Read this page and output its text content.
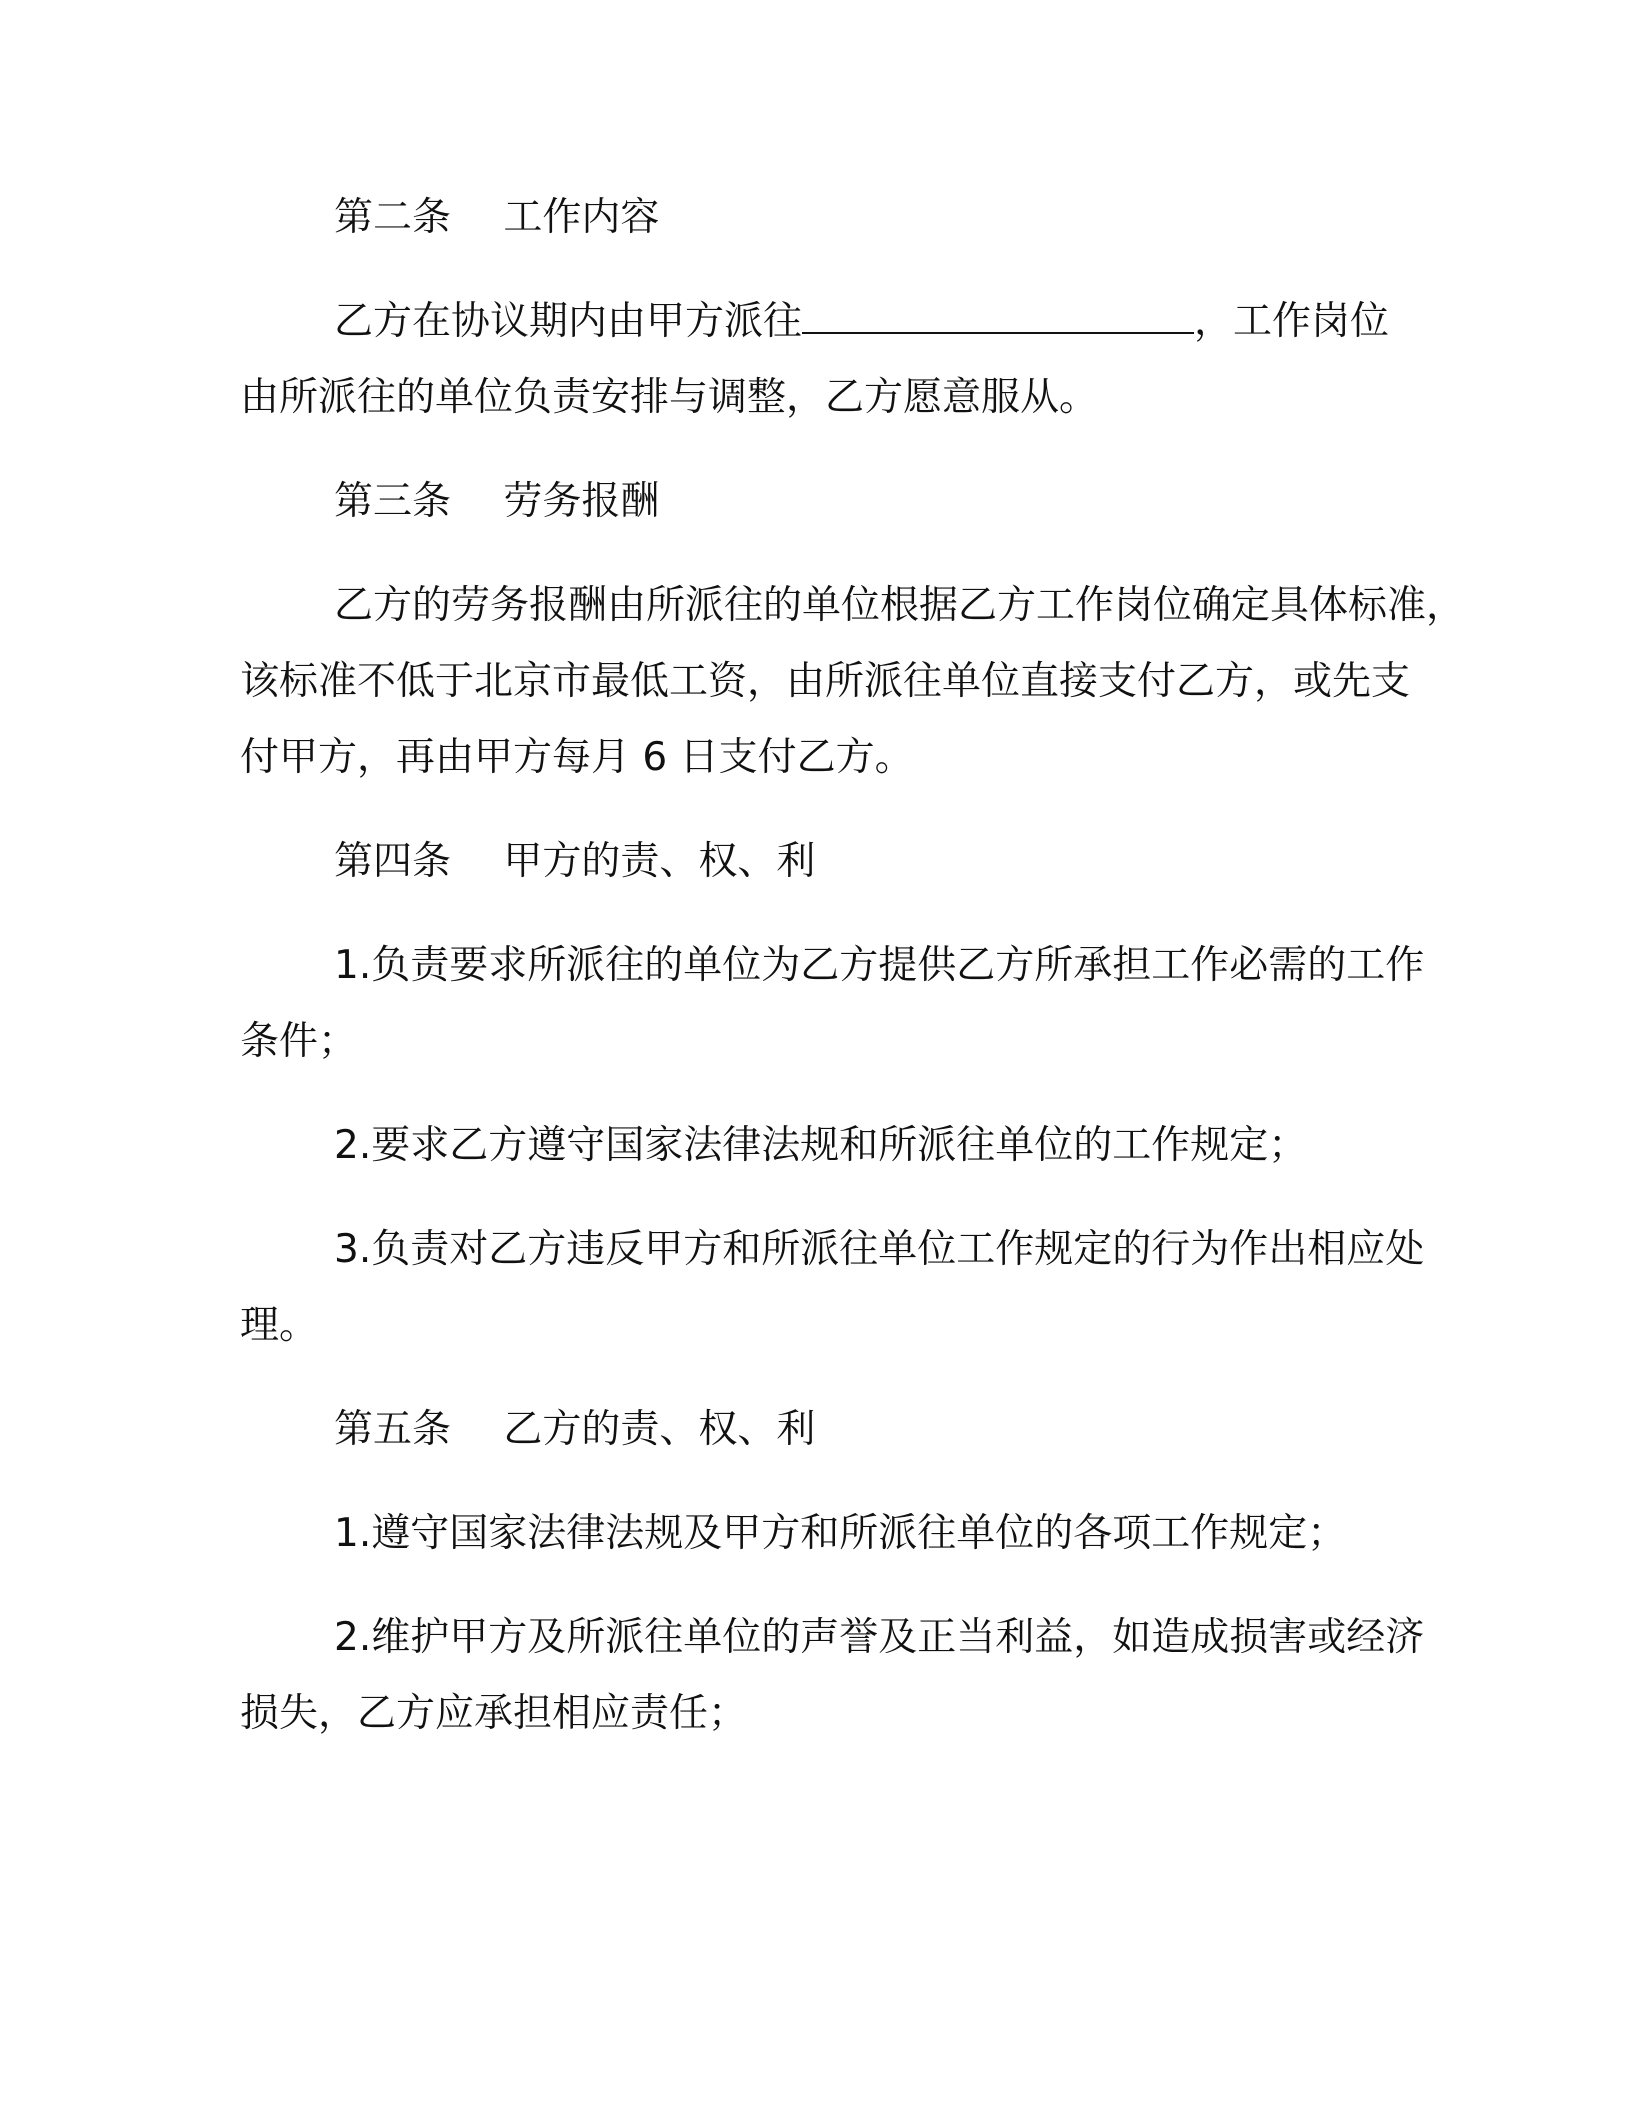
第二条 工作内容
乙方在协议期内由甲方派往	，工作岗位
由所派往的单位负责安排与调整，乙方愿意服从。
第三条 劳务报酬
乙方的劳务报酬由所派往的单位根据乙方工作岗位确定具体标准，
该标准不低于北京市最低工资，由所派往单位直接支付乙方，或先支
付甲方，再由甲方每月 6 日支付乙方。
第四条 甲方的责、权、利
1.负责要求所派往的单位为乙方提供乙方所承担工作必需的工作
条件；
2.要求乙方遵守国家法律法规和所派往单位的工作规定；
3.负责对乙方违反甲方和所派往单位工作规定的行为作出相应处
理。
第五条 乙方的责、权、利
1.遵守国家法律法规及甲方和所派往单位的各项工作规定；
2.维护甲方及所派往单位的声誉及正当利益，如造成损害或经济
损失，乙方应承担相应责任；
